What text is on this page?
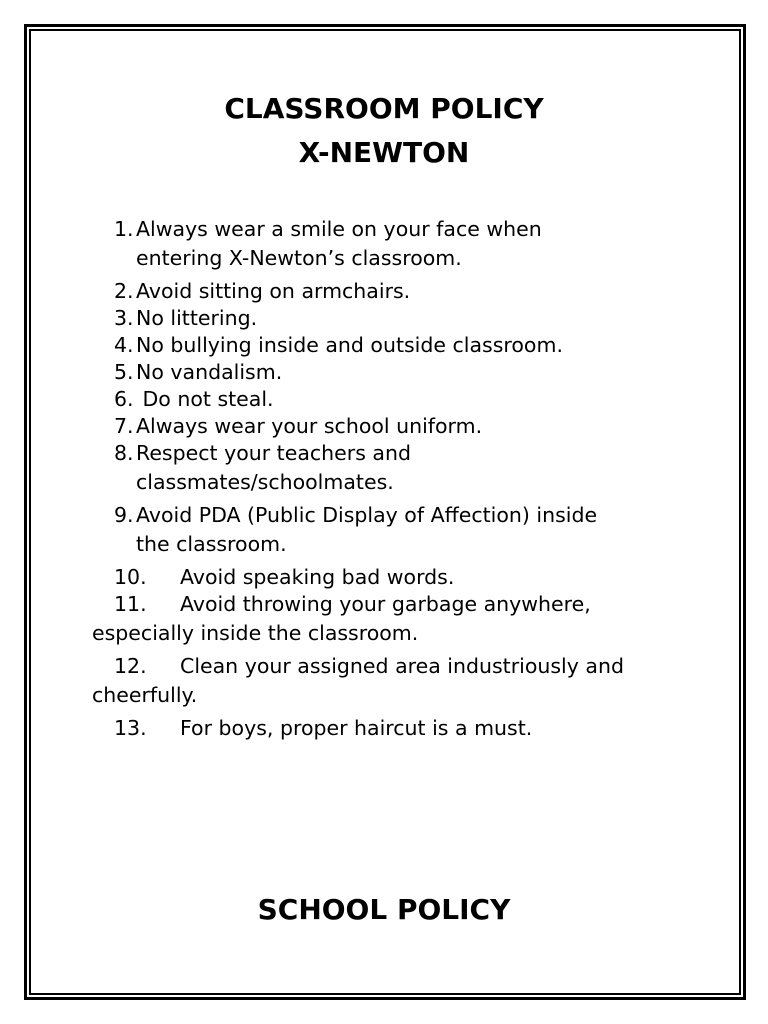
CLASSROOM POLICY
X-NEWTON
1. Always wear a smile on your face when
entering X-Newton’s classroom.
2. Avoid sitting on armchairs.
3. No littering.
4. No bullying inside and outside classroom.
5. No vandalism.
6. Do not steal.
7. Always wear your school uniform.
8. Respect your teachers and
classmates/schoolmates.
9. Avoid PDA (Public Display of Affection) inside
the classroom.
10. Avoid speaking bad words.
11. Avoid throwing your garbage anywhere,
especially inside the classroom.
12. Clean your assigned area industriously and
cheerfully.
13. For boys, proper haircut is a must.
SCHOOL POLICY
